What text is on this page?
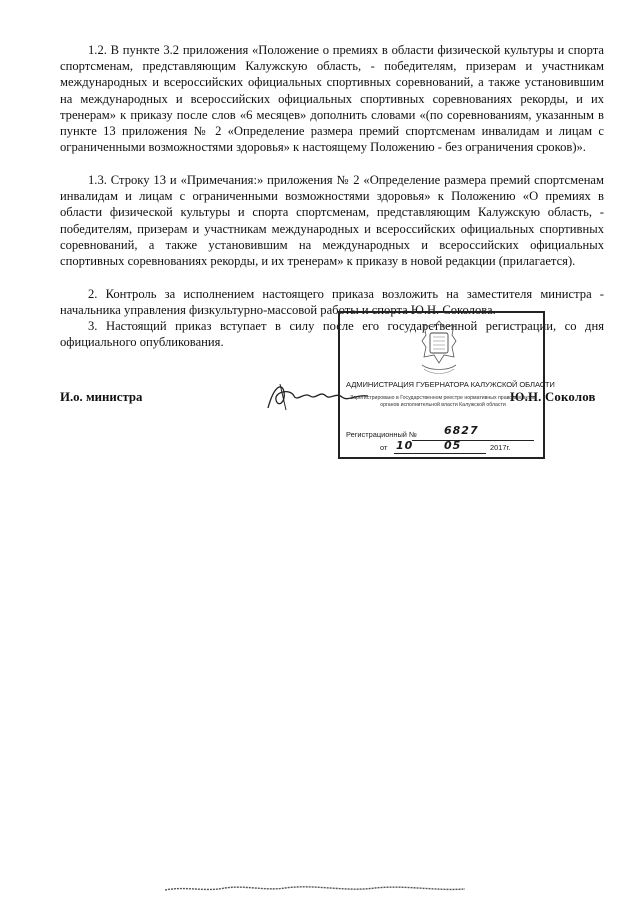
1.2. В пункте 3.2 приложения «Положение о премиях в области физической культуры и спорта спортсменам, представляющим Калужскую область, - победителям, призерам и участникам международных и всероссийских официальных спортивных соревнований, а также установившим на международных и всероссийских официальных спортивных соревнованиях рекорды, и их тренерам» к приказу после слов «6 месяцев» дополнить словами «(по соревнованиям, указанным в пункте 13 приложения № 2 «Определение размера премий спортсменам инвалидам и лицам с ограниченными возможностями здоровья» к настоящему Положению - без ограничения сроков)».

1.3. Строку 13 и «Примечания:» приложения № 2 «Определение размера премий спортсменам инвалидам и лицам с ограниченными возможностями здоровья» к Положению «О премиях в области физической культуры и спорта спортсменам, представляющим Калужскую область, - победителям, призерам и участникам международных и всероссийских официальных спортивных соревнований, а также установившим на международных и всероссийских официальных спортивных соревнованиях рекорды, и их тренерам» к приказу в новой редакции (прилагается).

2. Контроль за исполнением настоящего приказа возложить на заместителя министра - начальника управления физкультурно-массовой работы и спорта Ю.Н. Соколова.

3. Настоящий приказ вступает в силу после его государственной регистрации, со дня официального опубликования.

И.о. министра	Ю.Н. Соколов
АДМИНИСТРАЦИЯ ГУБЕРНАТОРА КАЛУЖСКОЙ ОБЛАСТИ
Зарегистрировано в Государственном реестре нормативных правовых актов органов исполнительной власти Калужской области
Регистрационный №	6827
от 10	05	2017г.
